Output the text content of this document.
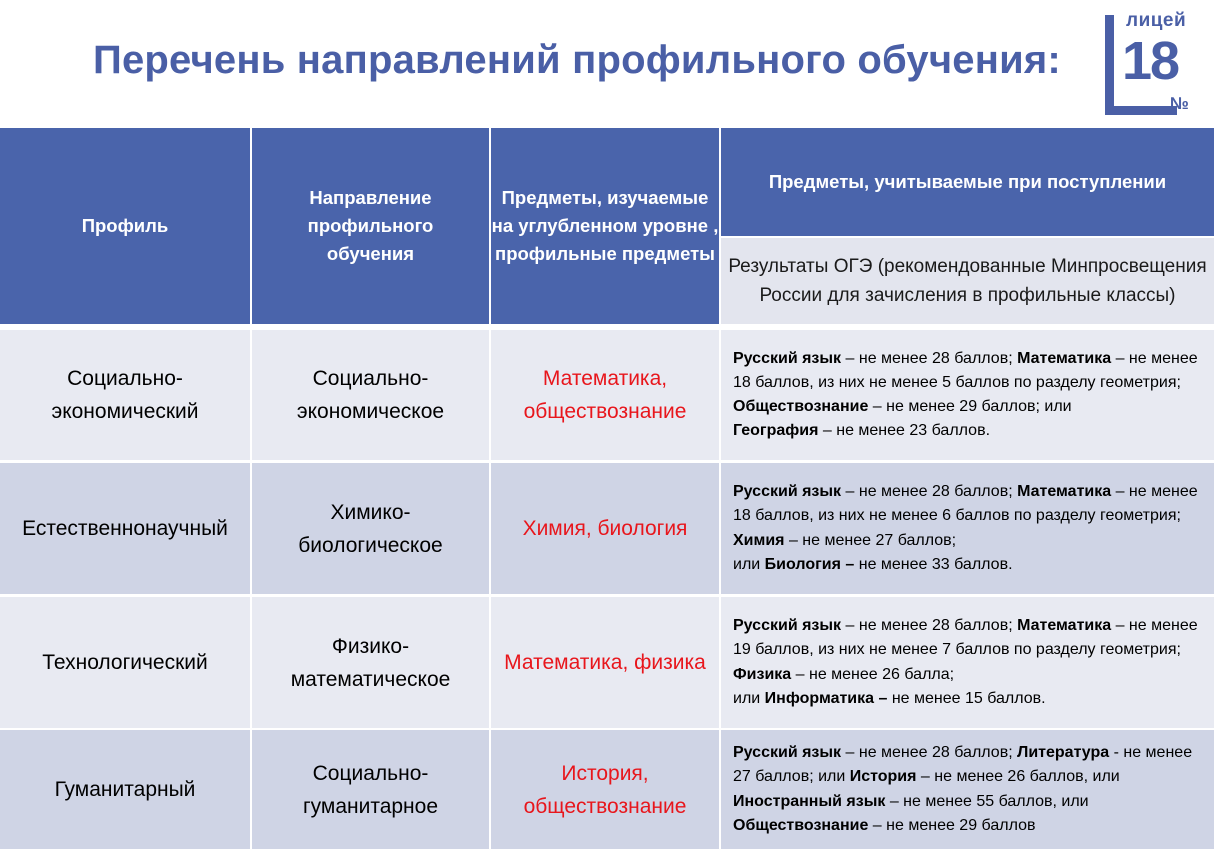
Перечень направлений профильного обучения:
лицей
18
№
Профиль
Направление профильного обучения
Предметы, изучаемые на углубленном уровне , профильные предметы
Предметы, учитываемые при поступлении
Результаты ОГЭ (рекомендованные Минпросвещения России для зачисления в профильные классы)
Социально-экономический
Социально-экономическое
Математика, обществознание
Русский язык – не менее 28 баллов; Математика – не менее 18 баллов, из них не менее 5 баллов по разделу геометрия;
Обществознание – не менее 29 баллов; или
География – не менее 23 баллов.
Естественнонаучный
Химико-биологическое
Химия, биология
Русский язык – не менее 28 баллов; Математика – не менее 18 баллов, из них не менее 6 баллов по разделу геометрия;
Химия – не менее 27 баллов;
или Биология – не менее 33 баллов.
Технологический
Физико-математическое
Математика, физика
Русский язык – не менее 28 баллов; Математика – не менее 19 баллов, из них не менее 7 баллов по разделу геометрия;
Физика – не менее 26 балла;
или Информатика – не менее 15 баллов.
Гуманитарный
Социально-гуманитарное
История, обществознание
Русский язык – не менее 28 баллов; Литература - не менее 27 баллов; или История – не менее 26 баллов, или Иностранный язык – не менее 55 баллов, или Обществознание – не менее 29 баллов
